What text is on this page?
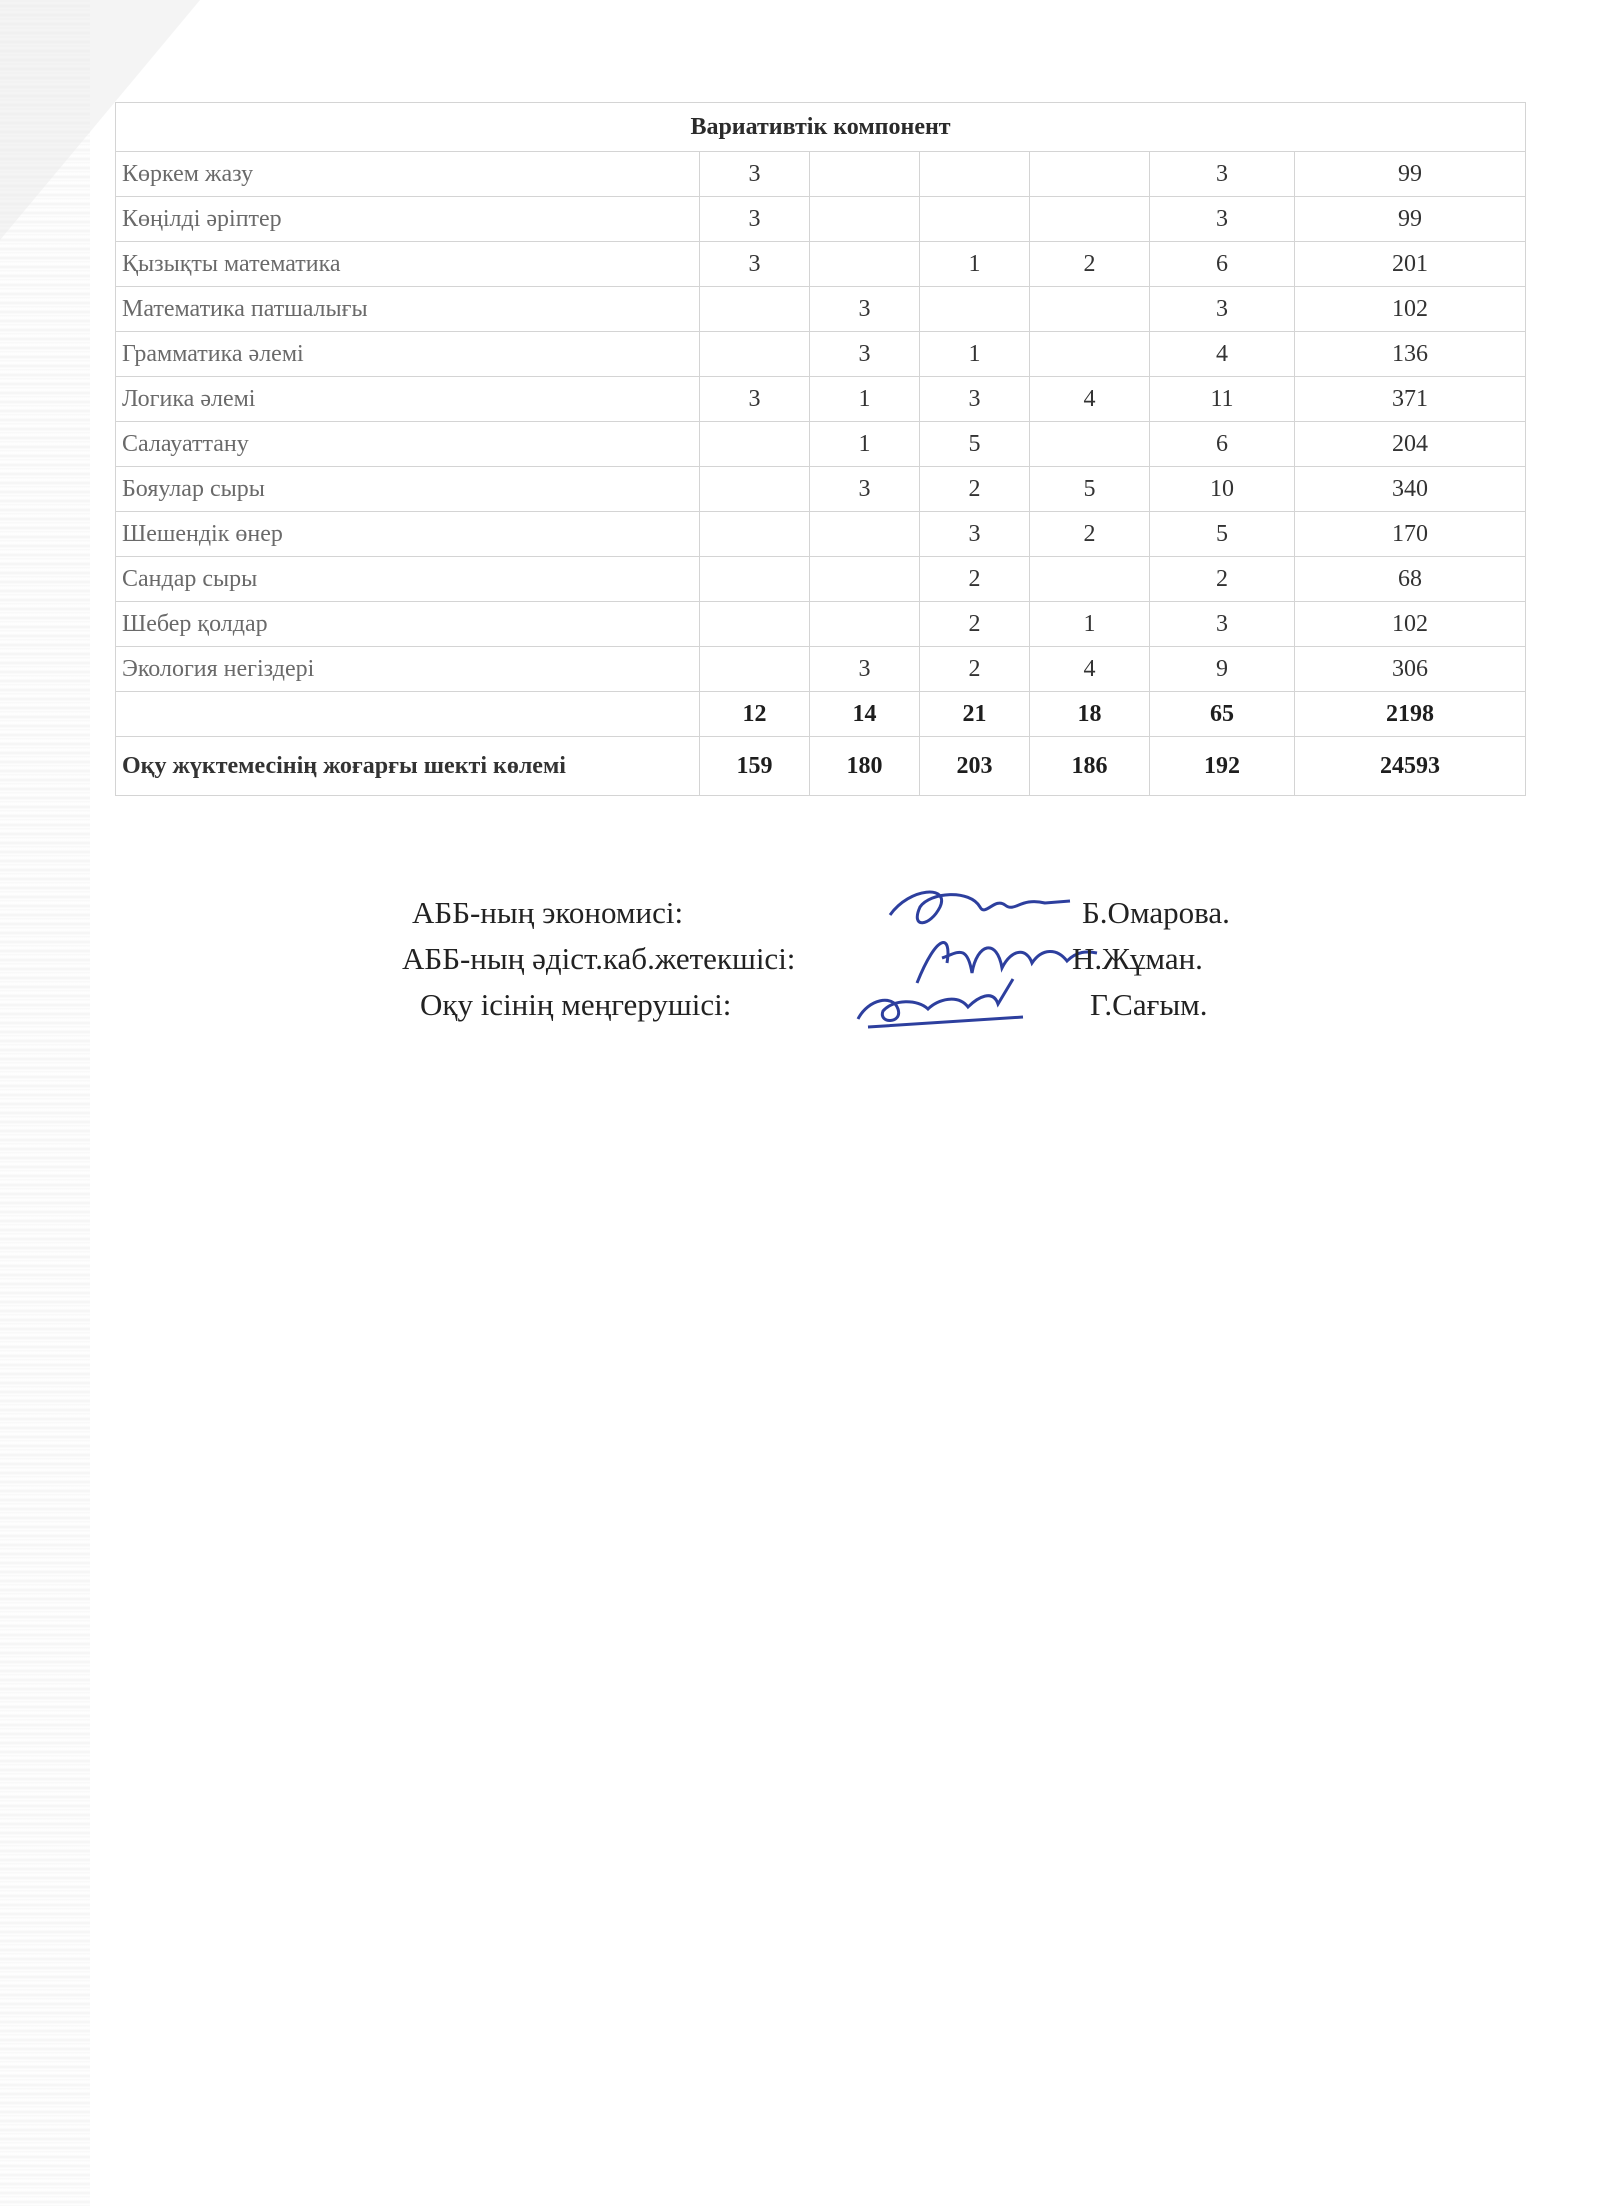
Вариативтік компонент						
Көркем жазу	3				3	99
Көңілді әріптер	3				3	99
Қызықты математика	3		1	2	6	201
Математика патшалығы		3			3	102
Грамматика әлемі		3	1		4	136
Логика әлемі	3	1	3	4	11	371
Салауаттану		1	5		6	204
Бояулар сыры		3	2	5	10	340
Шешендік өнер			3	2	5	170
Сандар сыры			2		2	68
Шебер қолдар			2	1	3	102
Экология негіздері		3	2	4	9	306
	12	14	21	18	65	2198
Оқу жүктемесінің жоғарғы шекті көлемі	159	180	203	186	192	24593
АББ-ның экономисі:	Б.Омарова.
АББ-ның әдіст.каб.жетекшісі:	Н.Жұман.
Оқу ісінің меңгерушісі:	Г.Сағым.
